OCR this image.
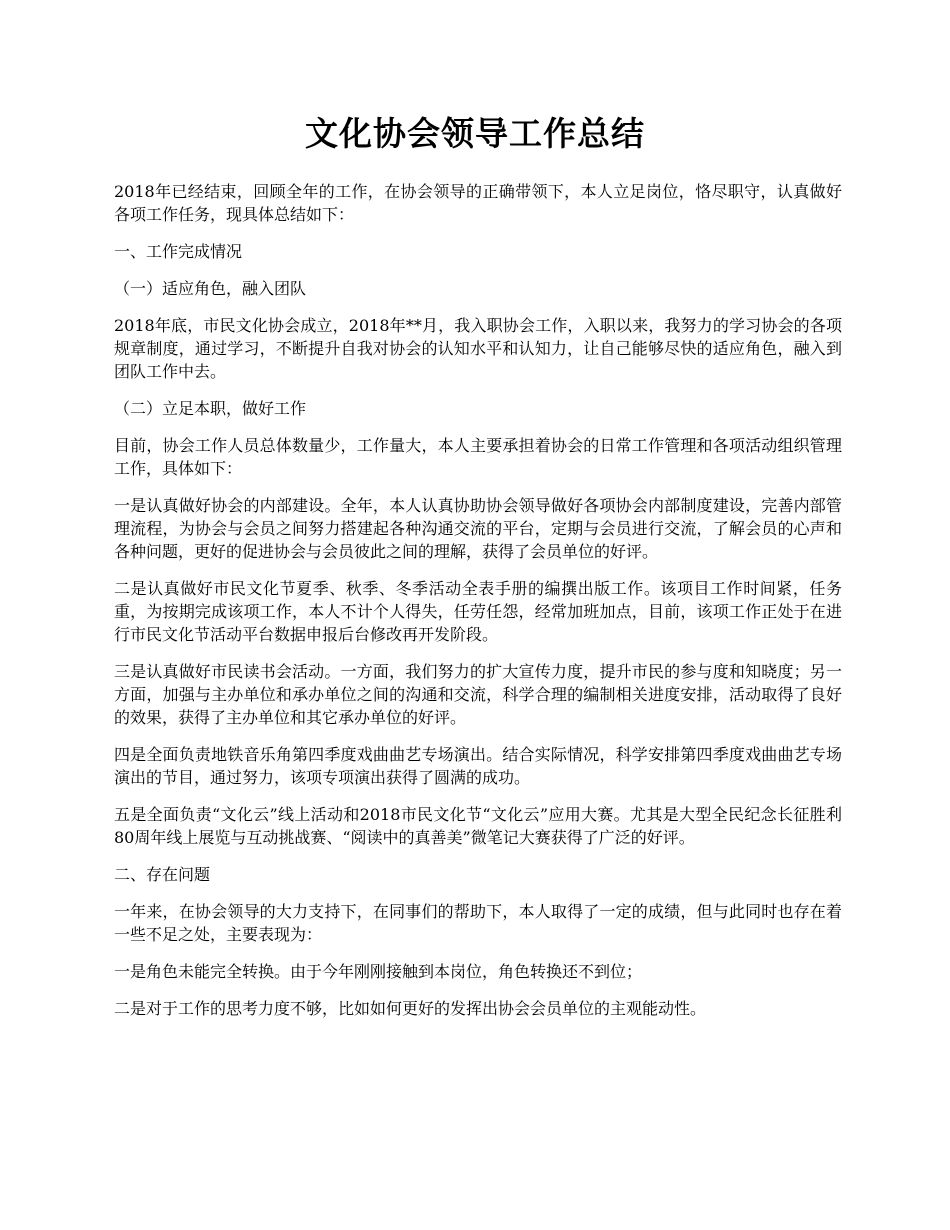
文化协会领导工作总结

2018年已经结束，回顾全年的工作，在协会领导的正确带领下，本人立足岗位，恪尽职守，认真做好各项工作任务，现具体总结如下：

一、工作完成情况

（一）适应角色，融入团队

2018年底，市民文化协会成立，2018年**月，我入职协会工作，入职以来，我努力的学习协会的各项规章制度，通过学习，不断提升自我对协会的认知水平和认知力，让自己能够尽快的适应角色，融入到团队工作中去。

（二）立足本职，做好工作

目前，协会工作人员总体数量少，工作量大，本人主要承担着协会的日常工作管理和各项活动组织管理工作，具体如下：

一是认真做好协会的内部建设。全年，本人认真协助协会领导做好各项协会内部制度建设，完善内部管理流程，为协会与会员之间努力搭建起各种沟通交流的平台，定期与会员进行交流，了解会员的心声和各种问题，更好的促进协会与会员彼此之间的理解，获得了会员单位的好评。

二是认真做好市民文化节夏季、秋季、冬季活动全表手册的编撰出版工作。该项目工作时间紧，任务重，为按期完成该项工作，本人不计个人得失，任劳任怨，经常加班加点，目前，该项工作正处于在进行市民文化节活动平台数据申报后台修改再开发阶段。

三是认真做好市民读书会活动。一方面，我们努力的扩大宣传力度，提升市民的参与度和知晓度；另一方面，加强与主办单位和承办单位之间的沟通和交流，科学合理的编制相关进度安排，活动取得了良好的效果，获得了主办单位和其它承办单位的好评。

四是全面负责地铁音乐角第四季度戏曲曲艺专场演出。结合实际情况，科学安排第四季度戏曲曲艺专场演出的节目，通过努力，该项专项演出获得了圆满的成功。

五是全面负责“文化云”线上活动和2018市民文化节“文化云”应用大赛。尤其是大型全民纪念长征胜利80周年线上展览与互动挑战赛、“阅读中的真善美”微笔记大赛获得了广泛的好评。

二、存在问题

一年来，在协会领导的大力支持下，在同事们的帮助下，本人取得了一定的成绩，但与此同时也存在着一些不足之处，主要表现为：

一是角色未能完全转换。由于今年刚刚接触到本岗位，角色转换还不到位；

二是对于工作的思考力度不够，比如如何更好的发挥出协会会员单位的主观能动性。
